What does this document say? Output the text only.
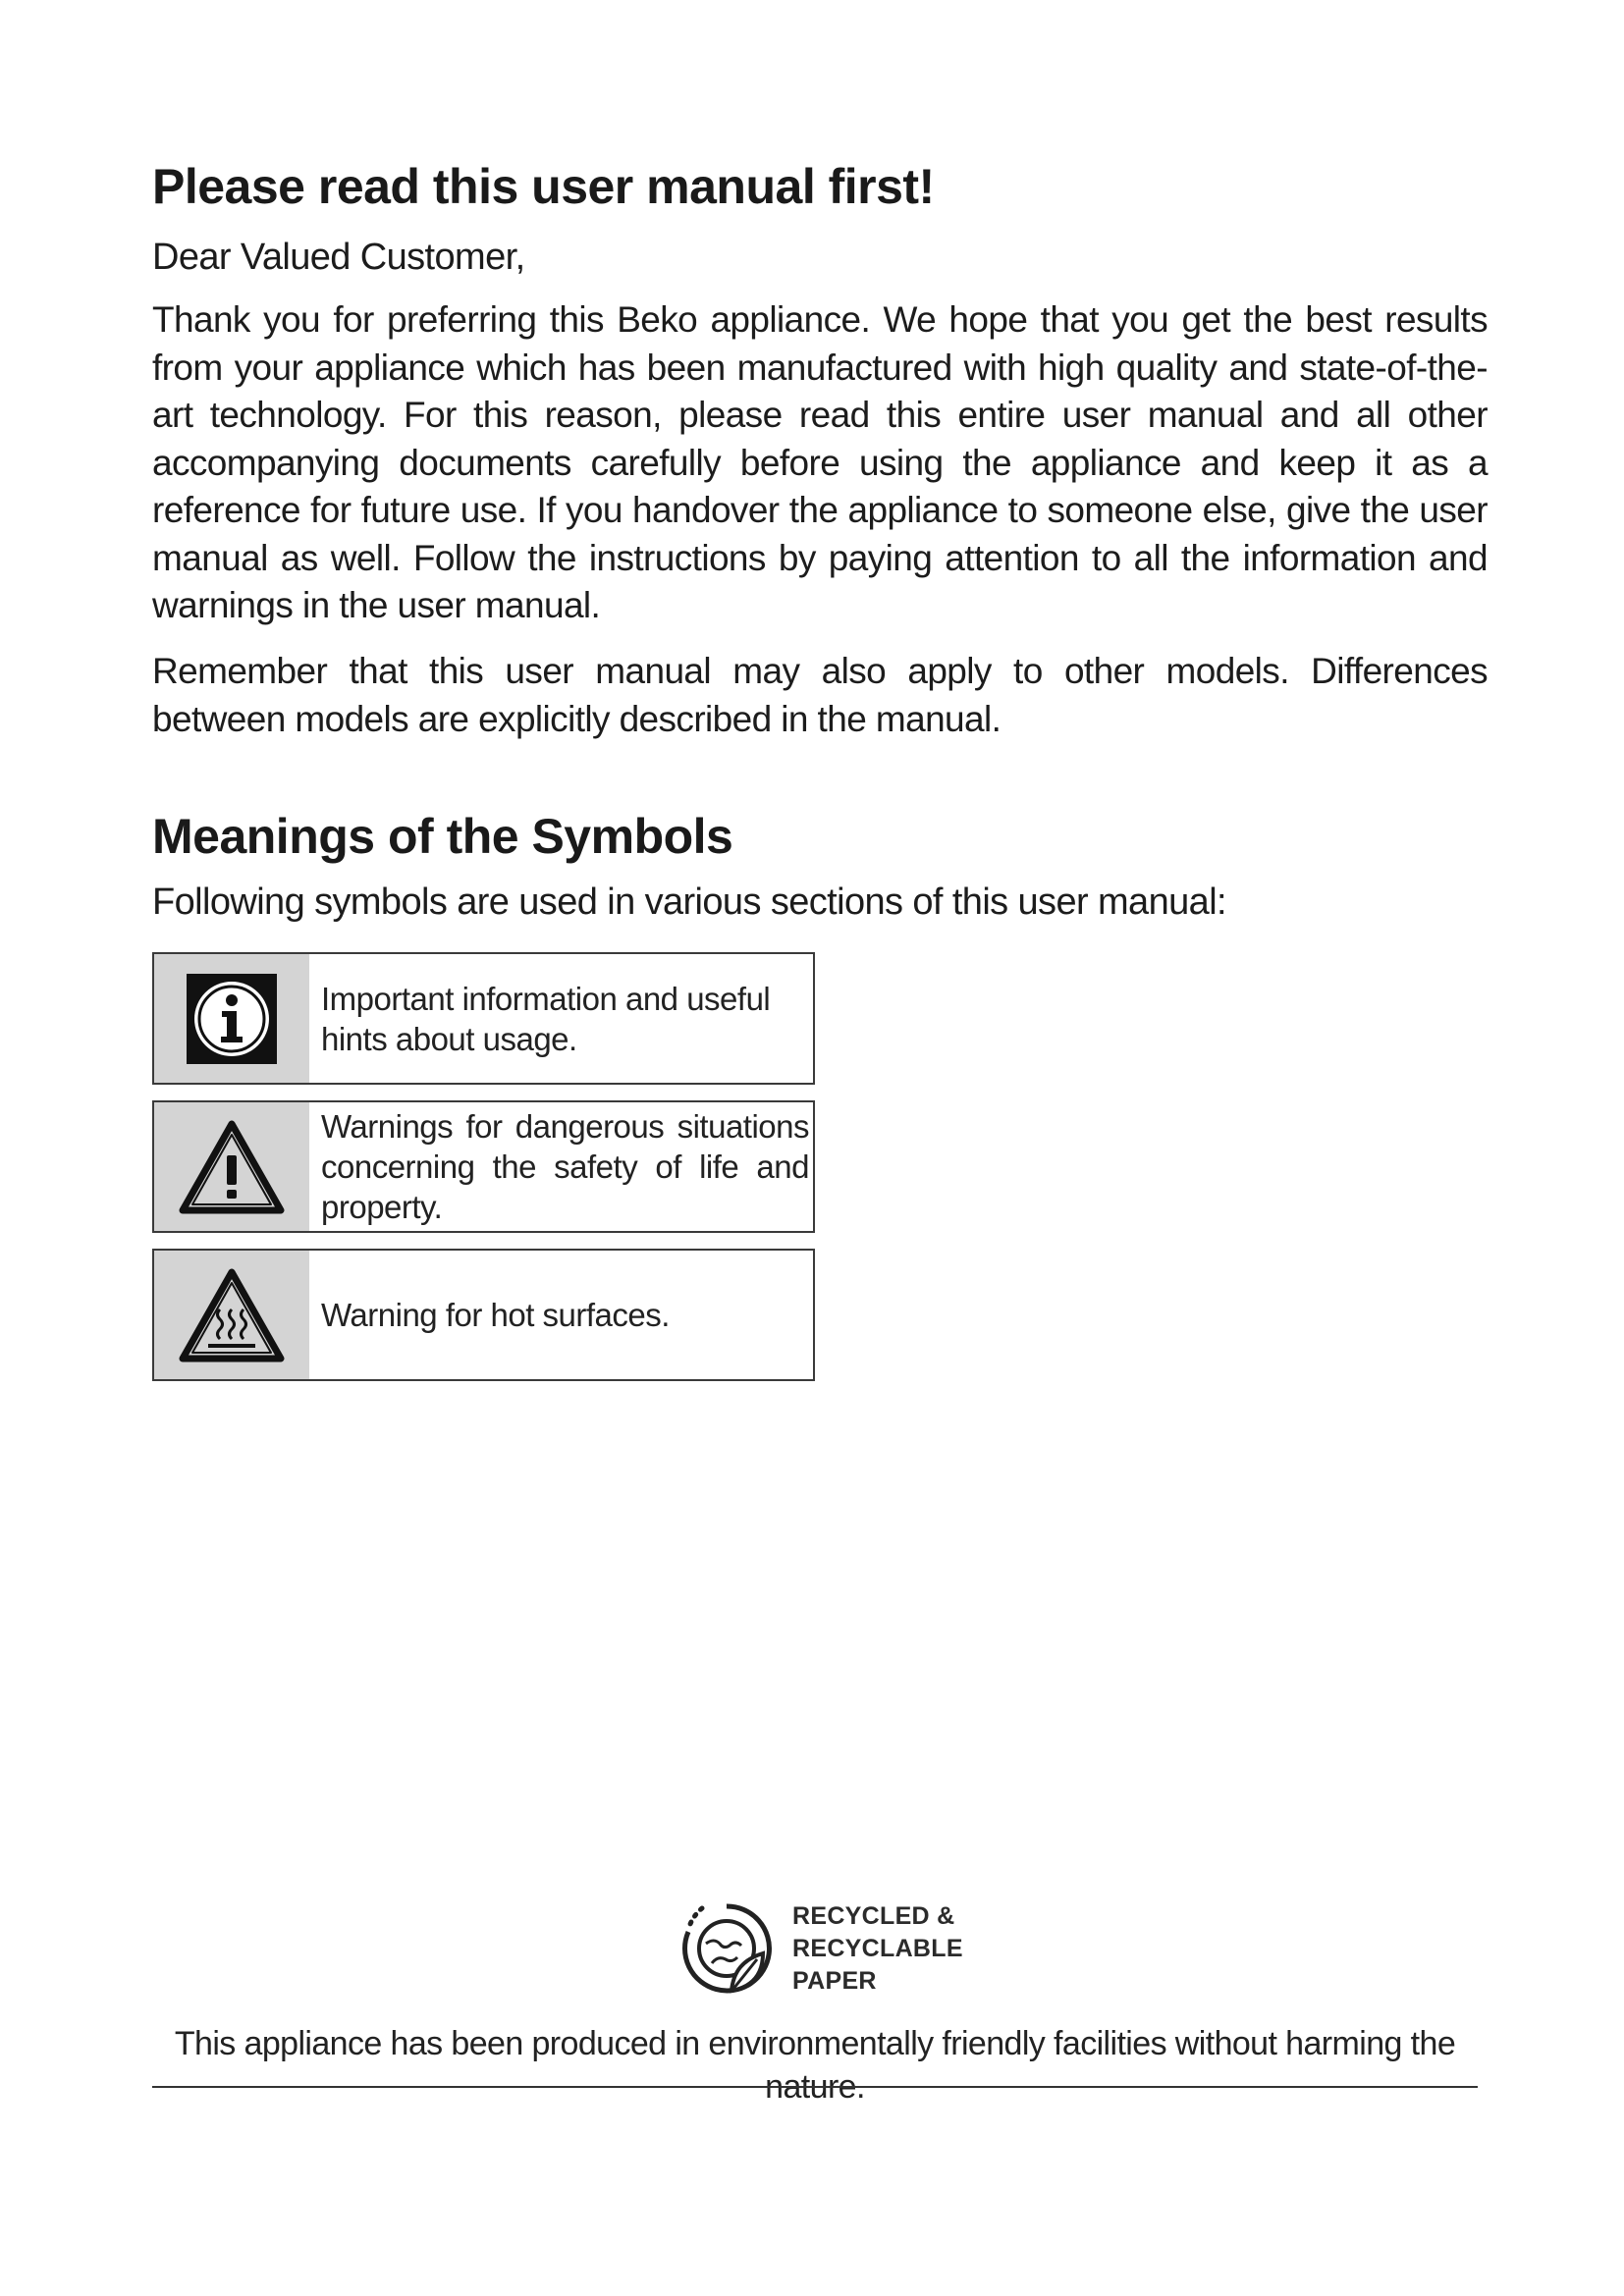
Please read this user manual first!

Dear Valued Customer,

Thank you for preferring this Beko appliance. We hope that you get the best results from your appliance which has been manufactured with high quality and state-of-the-art technology. For this reason, please read this entire user manual and all other accompanying documents carefully before using the appliance and keep it as a reference for future use. If you handover the appliance to someone else, give the user manual as well. Follow the instructions by paying attention to all the information and warnings in the user manual.

Remember that this user manual may also apply to other models. Differences between models are explicitly described in the manual.

Meanings of the Symbols

Following symbols are used in various sections of this user manual:

Important information and useful hints about usage.
Warnings for dangerous situations concerning the safety of life and property.
Warning for hot surfaces.
RECYCLED &
RECYCLABLE
PAPER

This appliance has been produced in environmentally friendly facilities without harming the nature.
